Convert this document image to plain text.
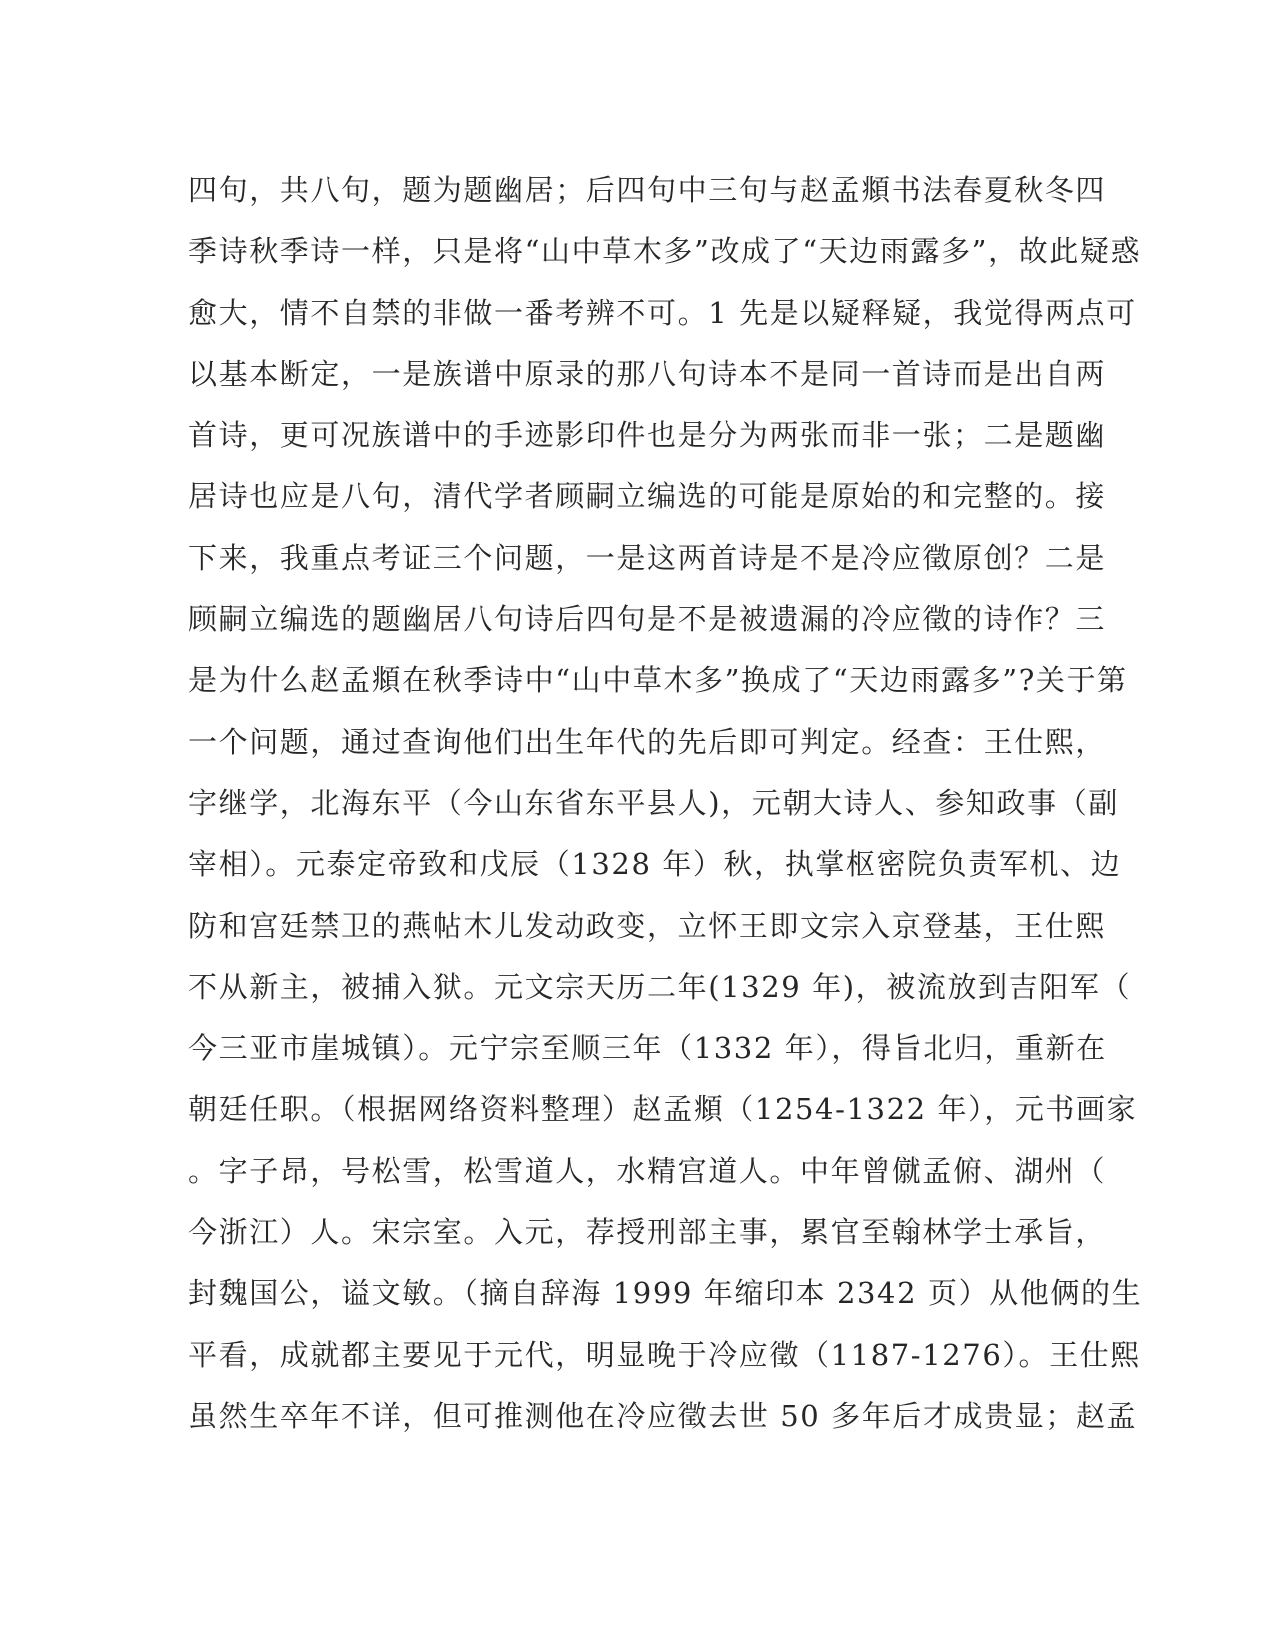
四句，共八句，题为题幽居；后四句中三句与赵孟頫书法春夏秋冬四
季诗秋季诗一样，只是将“山中草木多”改成了“天边雨露多”，故此疑惑
愈大，情不自禁的非做一番考辨不可。1 先是以疑释疑，我觉得两点可
以基本断定，一是族谱中原录的那八句诗本不是同一首诗而是出自两
首诗，更可况族谱中的手迹影印件也是分为两张而非一张；二是题幽
居诗也应是八句，清代学者顾嗣立编选的可能是原始的和完整的。接
下来，我重点考证三个问题，一是这两首诗是不是冷应徵原创？二是
顾嗣立编选的题幽居八句诗后四句是不是被遗漏的冷应徵的诗作？三
是为什么赵孟頫在秋季诗中“山中草木多”换成了“天边雨露多”?关于第
一个问题，通过查询他们出生年代的先后即可判定。经查：王仕熙，
字继学，北海东平（今山东省东平县人)，元朝大诗人、参知政事（副
宰相）。元泰定帝致和戊辰（1328 年）秋，执掌枢密院负责军机、边
防和宫廷禁卫的燕帖木儿发动政变，立怀王即文宗入京登基，王仕熙
不从新主，被捕入狱。元文宗天历二年(1329 年)，被流放到吉阳军（
今三亚市崖城镇）。元宁宗至顺三年（1332 年），得旨北归，重新在
朝廷任职。（根据网络资料整理）赵孟頫（1254-1322 年），元书画家
。字子昂，号松雪，松雪道人，水精宫道人。中年曾僦孟俯、湖州（
今浙江）人。宋宗室。入元，荐授刑部主事，累官至翰林学士承旨，
封魏国公，谥文敏。（摘自辞海 1999 年缩印本 2342 页）从他俩的生
平看，成就都主要见于元代，明显晚于冷应徵（1187-1276）。王仕熙
虽然生卒年不详，但可推测他在冷应徵去世 50 多年后才成贵显；赵孟
